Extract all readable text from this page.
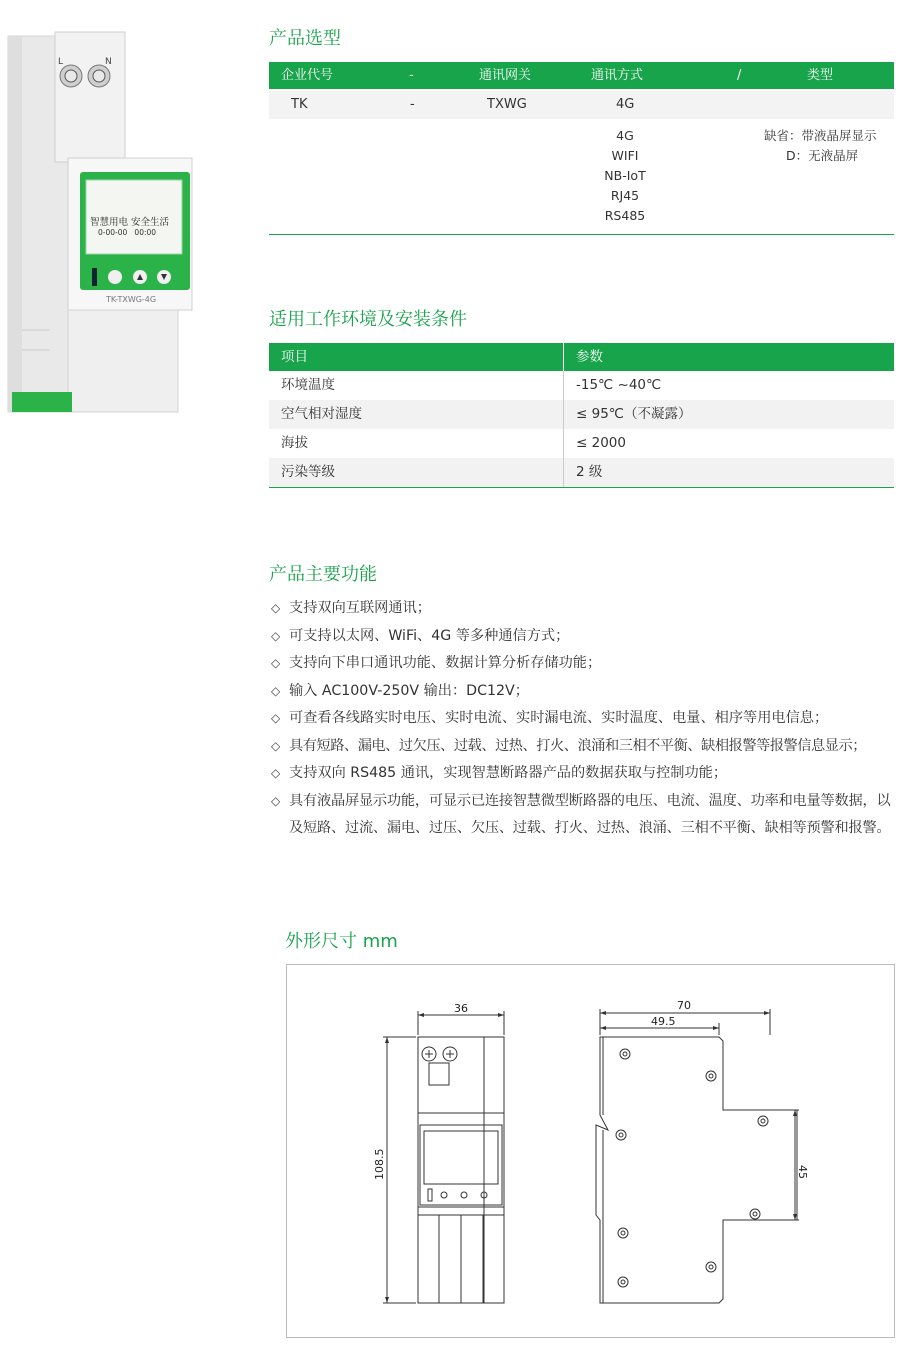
L	N
智慧用电 安全生活
0-00-00   00:00
TK-TXWG-4G
产品选型
企业代号	-	通讯网关	通讯方式	/	类型
TK	-	TXWG	4G
4G
WIFI
NB-IoT
RJ45
RS485
缺省：带液晶屏显示
D：无液晶屏
适用工作环境及安装条件
项目	参数
环境温度	-15℃ ~40℃
空气相对湿度	≤ 95℃（不凝露）
海拔	≤ 2000
污染等级	2 级
产品主要功能
◇ 支持双向互联网通讯；
◇ 可支持以太网、WiFi、4G 等多种通信方式；
◇ 支持向下串口通讯功能、数据计算分析存储功能；
◇ 输入 AC100V-250V 输出：DC12V；
◇ 可查看各线路实时电压、实时电流、实时漏电流、实时温度、电量、相序等用电信息；
◇ 具有短路、漏电、过欠压、过载、过热、打火、浪涌和三相不平衡、缺相报警等报警信息显示；
◇ 支持双向 RS485 通讯，实现智慧断路器产品的数据获取与控制功能；
◇ 具有液晶屏显示功能，可显示已连接智慧微型断路器的电压、电流、温度、功率和电量等数据，以及短路、过流、漏电、过压、欠压、过载、打火、过热、浪涌、三相不平衡、缺相等预警和报警。
外形尺寸 mm
36
108.5
70
49.5
45
